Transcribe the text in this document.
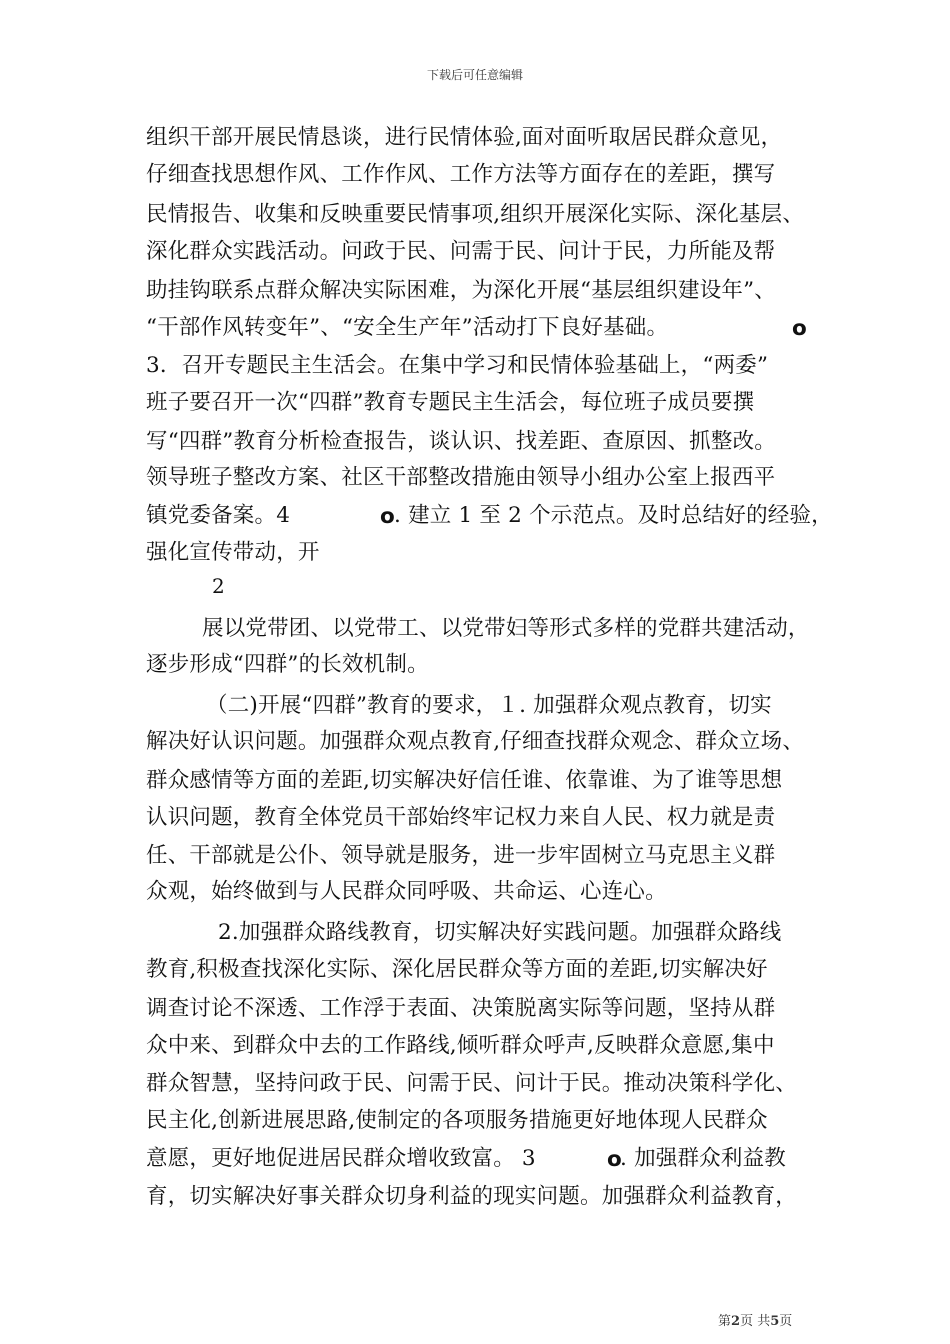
下载后可任意编辑
组织干部开展民情恳谈，进行民情体验,面对面听取居民群众意见，
仔细查找思想作风、工作作风、工作方法等方面存在的差距，撰写
民情报告、收集和反映重要民情事项,组织开展深化实际、深化基层、
深化群众实践活动。问政于民、问需于民、问计于民，力所能及帮
助挂钩联系点群众解决实际困难，为深化开展“基层组织建设年”、
“干部作风转变年”、“安全生产年”活动打下良好基础。	o
3．召开专题民主生活会。在集中学习和民情体验基础上，“两委”
班子要召开一次“四群”教育专题民主生活会，每位班子成员要撰
写“四群”教育分析检查报告，谈认识、找差距、查原因、抓整改。
领导班子整改方案、社区干部整改措施由领导小组办公室上报西平
镇党委备案。4	o . 建立 1 至 2 个示范点。及时总结好的经验，
强化宣传带动，开
2
展以党带团、以党带工、以党带妇等形式多样的党群共建活动，
逐步形成“四群”的长效机制。
（二)开展“四群”教育的要求，１. 加强群众观点教育，切实
解决好认识问题。加强群众观点教育,仔细查找群众观念、群众立场、
群众感情等方面的差距,切实解决好信任谁、依靠谁、为了谁等思想
认识问题，教育全体党员干部始终牢记权力来自人民、权力就是责
任、干部就是公仆、领导就是服务，进一步牢固树立马克思主义群
众观，始终做到与人民群众同呼吸、共命运、心连心。
2.加强群众路线教育，切实解决好实践问题。加强群众路线
教育,积极查找深化实际、深化居民群众等方面的差距,切实解决好
调查讨论不深透、工作浮于表面、决策脱离实际等问题，坚持从群
众中来、到群众中去的工作路线,倾听群众呼声,反映群众意愿,集中
群众智慧，坚持问政于民、问需于民、问计于民。推动决策科学化、
民主化,创新进展思路,使制定的各项服务措施更好地体现人民群众
意愿，更好地促进居民群众增收致富。 3	o
. 加强群众利益教
育，切实解决好事关群众切身利益的现实问题。加强群众利益教育，
第2页 共5页
